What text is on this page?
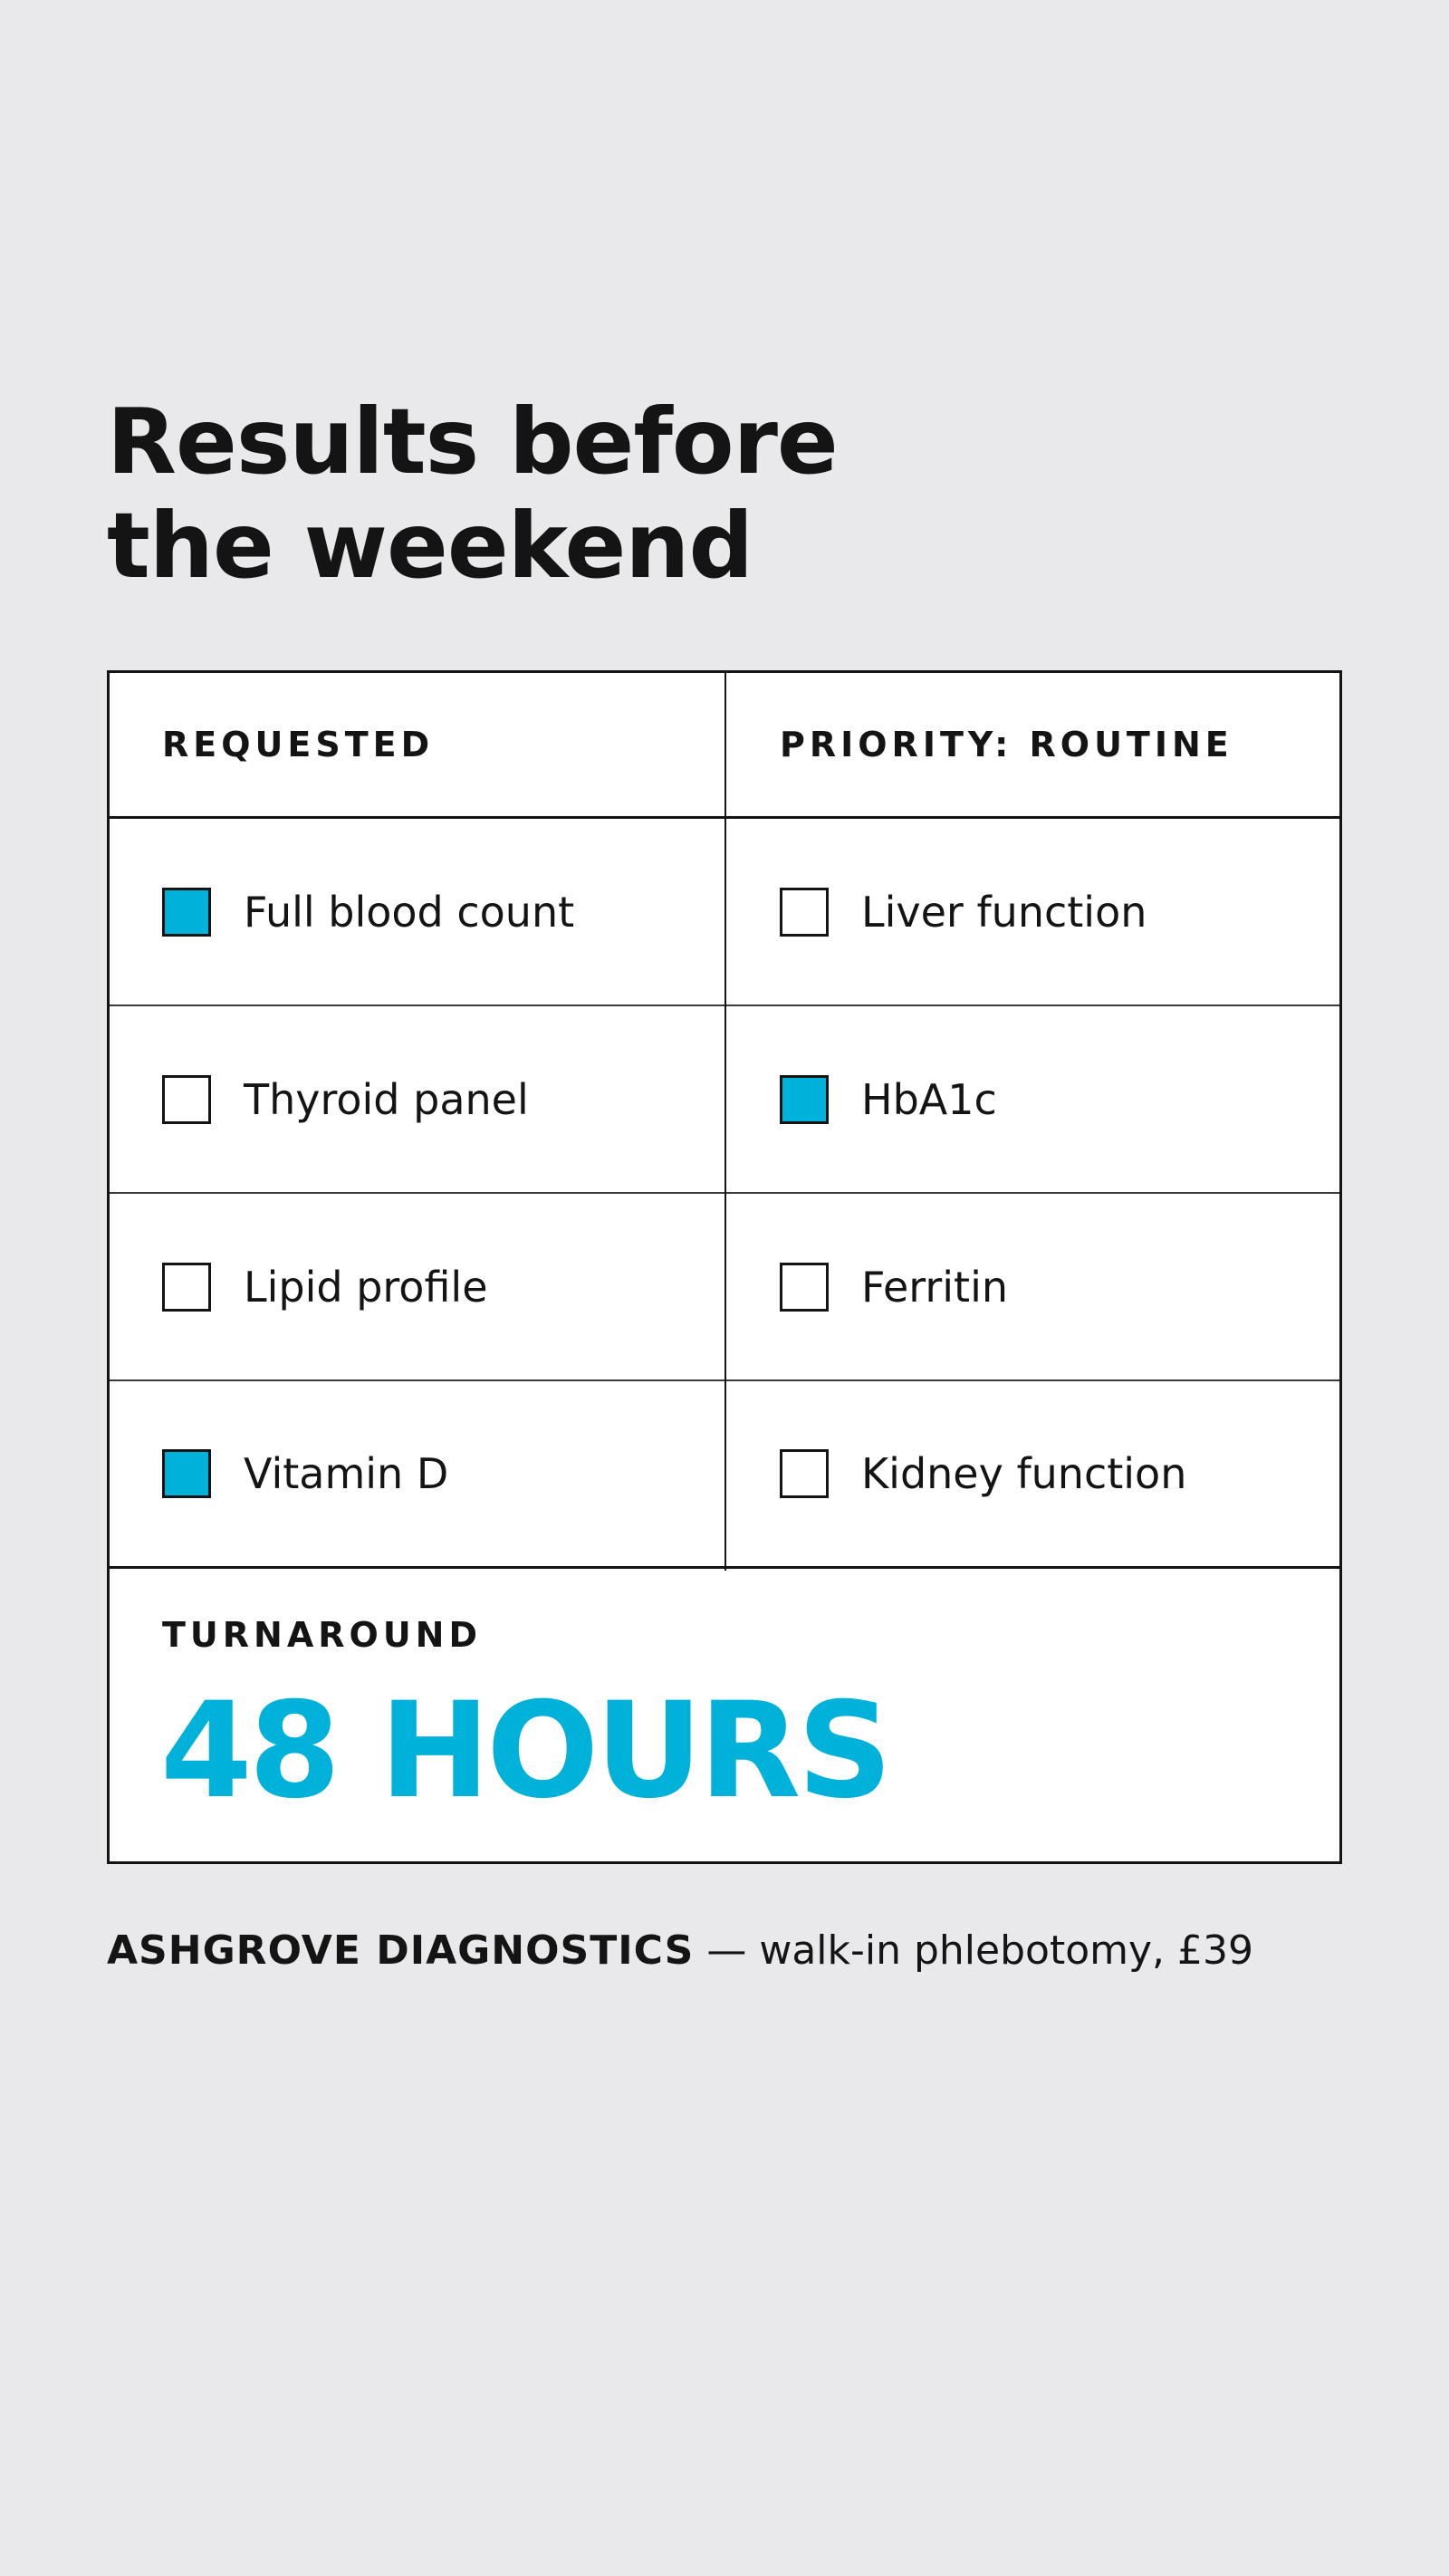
Results before
the weekend
REQUESTED	PRIORITY: ROUTINE
Full blood count	Liver function
Thyroid panel	HbA1c
Lipid profile	Ferritin
Vitamin D	Kidney function
TURNAROUND
48 HOURS
ASHGROVE DIAGNOSTICS — walk-in phlebotomy, £39
